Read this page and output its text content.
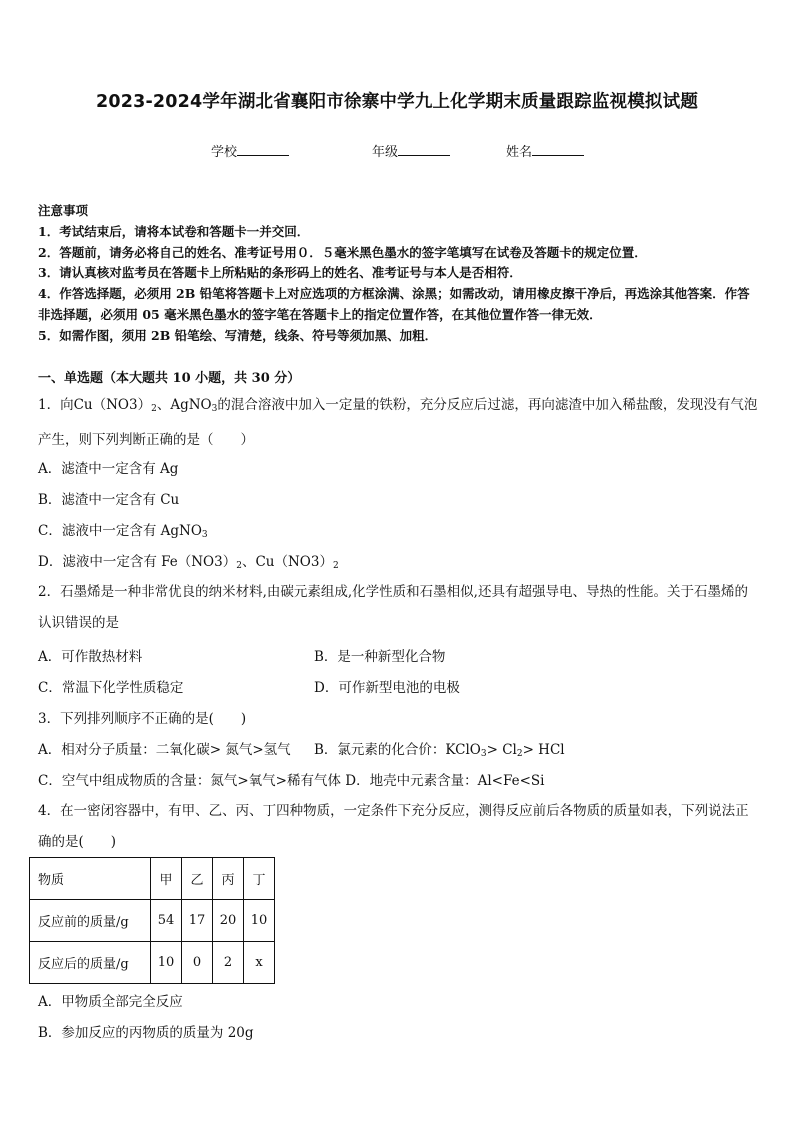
2023-2024学年湖北省襄阳市徐寨中学九上化学期末质量跟踪监视模拟试题
学校	年级	姓名
注意事项
1．考试结束后，请将本试卷和答题卡一并交回．
2．答题前，请务必将自己的姓名、准考证号用０．５毫米黑色墨水的签字笔填写在试卷及答题卡的规定位置．
3．请认真核对监考员在答题卡上所粘贴的条形码上的姓名、准考证号与本人是否相符．
4．作答选择题，必须用 2B 铅笔将答题卡上对应选项的方框涂满、涂黑；如需改动，请用橡皮擦干净后，再选涂其他答案．作答非选择题，必须用 05 毫米黑色墨水的签字笔在答题卡上的指定位置作答，在其他位置作答一律无效．
5．如需作图，须用 2B 铅笔绘、写清楚，线条、符号等须加黑、加粗．
一、单选题（本大题共 10 小题，共 30 分）
1．向$Cu(NO3)_2$、AgNO$_3$的混合溶液中加入一定量的铁粉，充分反应后过滤，再向滤渣中加入稀盐酸，发现没有气泡产生，则下列判断正确的是（　　）
A．滤渣中一定含有 Ag
B．滤渣中一定含有 Cu
C．滤液中一定含有 AgNO$_3$
D．滤液中一定含有 $Fe(NO3)_2$、$Cu(NO3)_2$
2．石墨烯是一种非常优良的纳米材料,由碳元素组成,化学性质和石墨相似,还具有超强导电、导热的性能。关于石墨烯的认识错误的是
A．可作散热材料	B．是一种新型化合物
C．常温下化学性质稳定	D．可作新型电池的电极
3．下列排列顺序不正确的是(　　)
A．相对分子质量：二氧化碳> 氮气>氢气 B．氯元素的化合价：KClO$_3$> $Cl_2>$ HCl
C．空气中组成物质的含量：氮气>氧气>稀有气体 D．地壳中元素含量：Al<Fe<Si
4．在一密闭容器中，有甲、乙、丙、丁四种物质，一定条件下充分反应，测得反应前后各物质的质量如表，下列说法正确的是(　　)
物质	甲	乙	丙	丁
反应前的质量/g	54	17	20	10
反应后的质量/g	10	0	2	x
A．甲物质全部完全反应
B．参加反应的丙物质的质量为 20g
